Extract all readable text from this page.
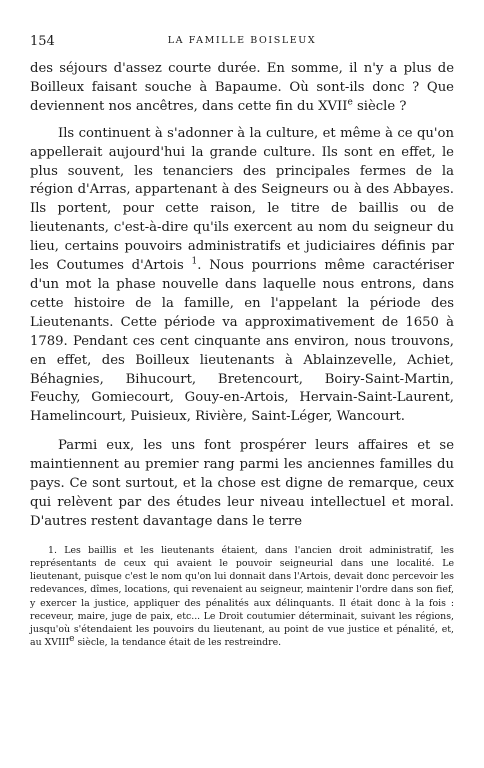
154	LA FAMILLE BOISLEUX

des séjours d'assez courte durée. En somme, il n'y a plus de Boilleux faisant souche à Bapaume. Où sont-ils donc ? Que deviennent nos ancêtres, dans cette fin du XVIIe siècle ?

Ils continuent à s'adonner à la culture, et même à ce qu'on appellerait aujourd'hui la grande culture. Ils sont en effet, le plus souvent, les tenanciers des principales fermes de la région d'Arras, appartenant à des Seigneurs ou à des Abbayes. Ils portent, pour cette raison, le titre de baillis ou de lieutenants, c'est-à-dire qu'ils exercent au nom du seigneur du lieu, certains pouvoirs administratifs et judiciaires définis par les Coutumes d'Artois $^1$. Nous pourrions même caractériser d'un mot la phase nouvelle dans laquelle nous entrons, dans cette histoire de la famille, en l'appelant la période des Lieutenants. Cette période va approximativement de 1650 à 1789. Pendant ces cent cinquante ans environ, nous trouvons, en effet, des Boilleux lieutenants à Ablainzevelle, Achiet, Béhagnies, Bihucourt, Bretencourt, Boiry-Saint-Martin, Feuchy, Gomiecourt, Gouy-en-Artois, Hervain-Saint-Laurent, Hamelincourt, Puisieux, Rivière, Saint-Léger, Wancourt.

Parmi eux, les uns font prospérer leurs affaires et se maintiennent au premier rang parmi les anciennes familles du pays. Ce sont surtout, et la chose est digne de remarque, ceux qui relèvent par des études leur niveau intellectuel et moral. D'autres restent davantage dans le terre

1. Les baillis et les lieutenants étaient, dans l'ancien droit administratif, les représentants de ceux qui avaient le pouvoir seigneurial dans une localité. Le lieutenant, puisque c'est le nom qu'on lui donnait dans l'Artois, devait donc percevoir les redevances, dîmes, locations, qui revenaient au seigneur, maintenir l'ordre dans son fief, y exercer la justice, appliquer des pénalités aux délinquants. Il était donc à la fois : receveur, maire, juge de paix, etc... Le Droit coutumier déterminait, suivant les régions, jusqu'où s'étendaient les pouvoirs du lieutenant, au point de vue justice et pénalité, et, au XVIIIe siècle, la tendance était de les restreindre.
